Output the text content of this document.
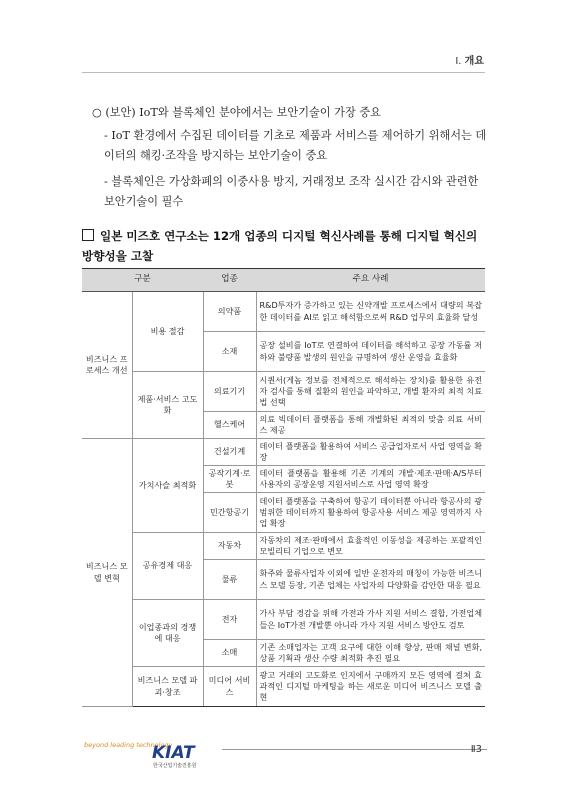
Ⅰ. 개요
○ (보안) IoT와 블록체인 분야에서는 보안기술이 가장 중요
- IoT 환경에서 수집된 데이터를 기초로 제품과 서비스를 제어하기 위해서는 데이터의 해킹·조작을 방지하는 보안기술이 중요
- 블록체인은 가상화폐의 이중사용 방지, 거래정보 조작 실시간 감시와 관련한 보안기술이 필수
일본 미즈호 연구소는 12개 업종의 디지털 혁신사례를 통해 디지털 혁신의 방향성을 고찰
구분		업종	주요 사례
비즈니스 프로세스 개선	비용 절감	의약품	R&D투자가 증가하고 있는 신약개발 프로세스에서 대량의 복잡한 데이터를 AI로 읽고 해석함으로써 R&D 업무의 효율화 달성
		소재	공장 설비를 IoT로 연결하여 데이터를 해석하고 공장 가동률 저하와 불량품 발생의 원인을 규명하여 생산 운영을 효율화
	제품·서비스 고도화	의료기기	시퀀서(게놈 정보를 전체적으로 해석하는 장치)를 활용한 유전자 검사를 통해 질환의 원인을 파악하고, 개별 환자의 최적 치료법 선택
		헬스케어	의료 빅데이터 플랫폼을 통해 개별화된 최적의 맞춤 의료 서비스 제공
비즈니스 모델 변혁	가치사슬 최적화	건설기계	데이터 플랫폼을 활용하여 서비스 공급업자로서 사업 영역을 확장
		공작기계·로봇	데이터 플랫폼을 활용해 기존 기계의 개발·제조·판매·A/S부터 사용자의 공장운영 지원서비스로 사업 영역 확장
		민간항공기	데이터 플랫폼을 구축하여 항공기 데이터뿐 아니라 항공사의 광범위한 데이터까지 활용하여 항공사용 서비스 제공 영역까지 사업 확장
	공유경제 대응	자동차	자동차의 제조·판매에서 효율적인 이동성을 제공하는 포괄적인 모빌리티 기업으로 변모
		물류	화주와 물류사업자 이외에 일반 운전자의 매칭이 가능한 비즈니스 모델 등장, 기존 업체는 사업자의 다양화를 감안한 대응 필요
	이업종과의 경쟁에 대응	전자	가사 부담 경감을 위해 가전과 가사 지원 서비스 결합, 가전업체들은 IoT가전 개발뿐 아니라 가사 지원 서비스 방안도 검토
		소매	기존 소매업자는 고객 요구에 대한 이해 향상, 판매 채널 변화, 상품 기획과 생산 수량 최적화 추진 필요
	비즈니스 모델 파괴·창조	미디어 서비스	광고 거래의 고도화로 인지에서 구매까지 모든 영역에 걸쳐 효과적인 디지털 마케팅을 하는 새로운 미디어 비즈니스 모델 출현
beyond leading technology
KIAT
한국산업기술진흥원
Ⅱ3
